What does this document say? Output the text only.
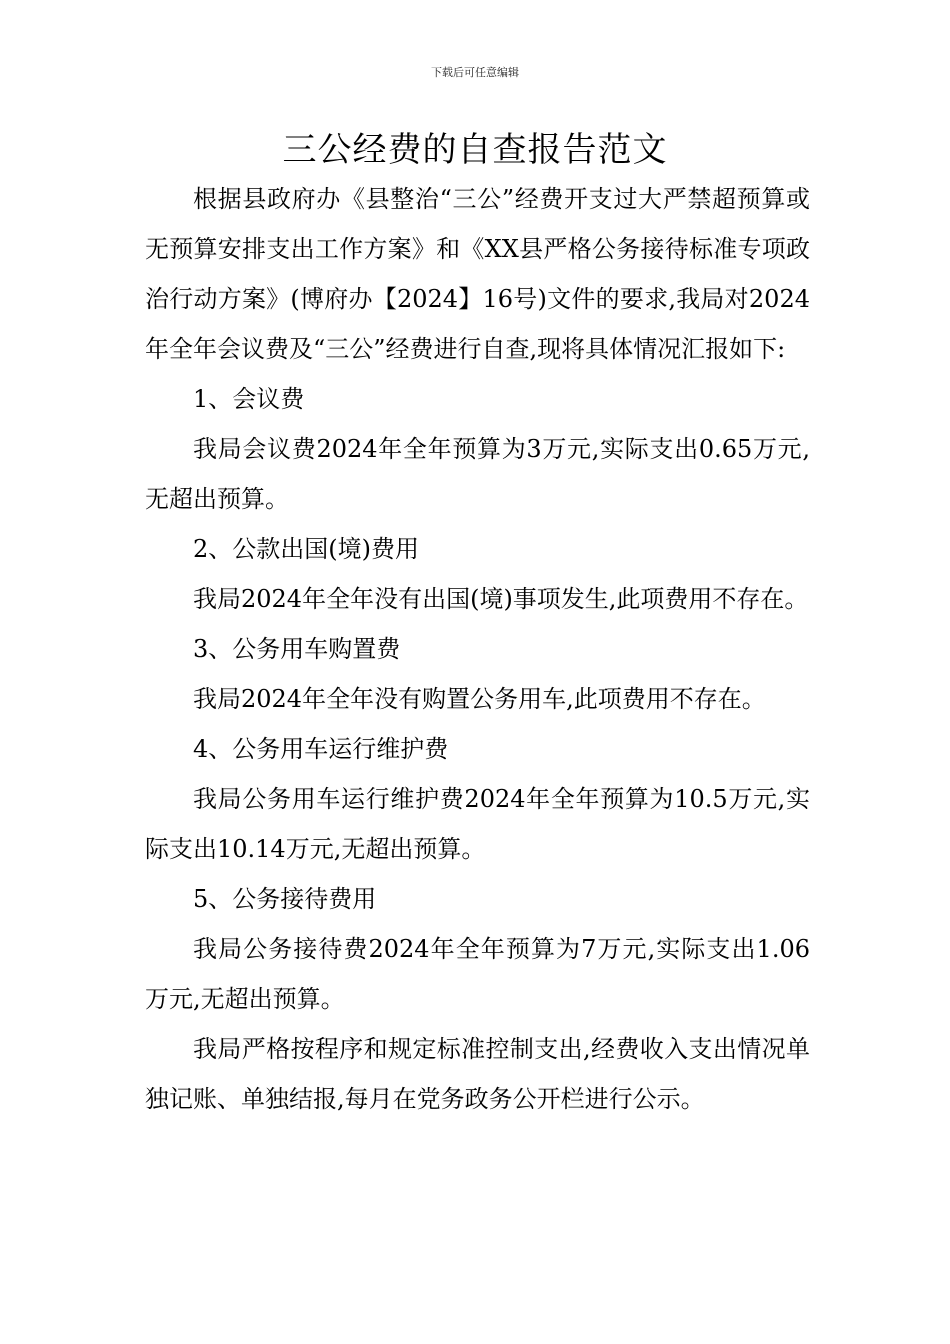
下载后可任意编辑
三公经费的自查报告范文

根据县政府办《县整治“三公”经费开支过大严禁超预算或无预算安排支出工作方案》和《XX县严格公务接待标准专项政治行动方案》(博府办【2024】16号)文件的要求,我局对2024年全年会议费及“三公”经费进行自查,现将具体情况汇报如下:

1、会议费

我局会议费2024年全年预算为3万元,实际支出0.65万元,无超出预算。

2、公款出国(境)费用

我局2024年全年没有出国(境)事项发生,此项费用不存在。

3、公务用车购置费

我局2024年全年没有购置公务用车,此项费用不存在。

4、公务用车运行维护费

我局公务用车运行维护费2024年全年预算为10.5万元,实际支出10.14万元,无超出预算。

5、公务接待费用

我局公务接待费2024年全年预算为7万元,实际支出1.06万元,无超出预算。

我局严格按程序和规定标准控制支出,经费收入支出情况单独记账、单独结报,每月在党务政务公开栏进行公示。
